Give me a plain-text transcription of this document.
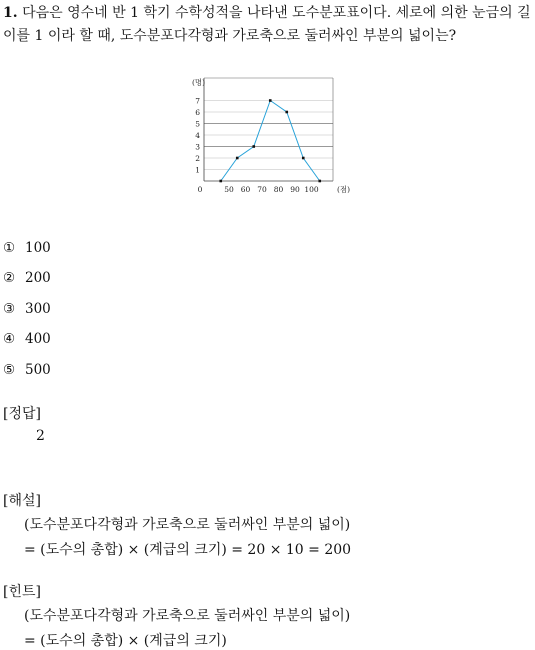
1. 다음은 영수네 반 1 학기 수학성적을 나타낸 도수분포표이다. 세로에 의한 눈금의 길이를 1 이라 할 때, 도수분포다각형과 가로축으로 둘러싸인 부분의 넓이는?
1
2
3
4
5
6
7
0	50 60 70 80 90 100
(명)
(점)
① 100
② 200
③ 300
④ 400
⑤ 500
[정답]
2
[해설]
(도수분포다각형과 가로축으로 둘러싸인 부분의 넓이)
= (도수의 총합) × (계급의 크기) = 20 × 10 = 200
[힌트]
(도수분포다각형과 가로축으로 둘러싸인 부분의 넓이)
= (도수의 총합) × (계급의 크기)
